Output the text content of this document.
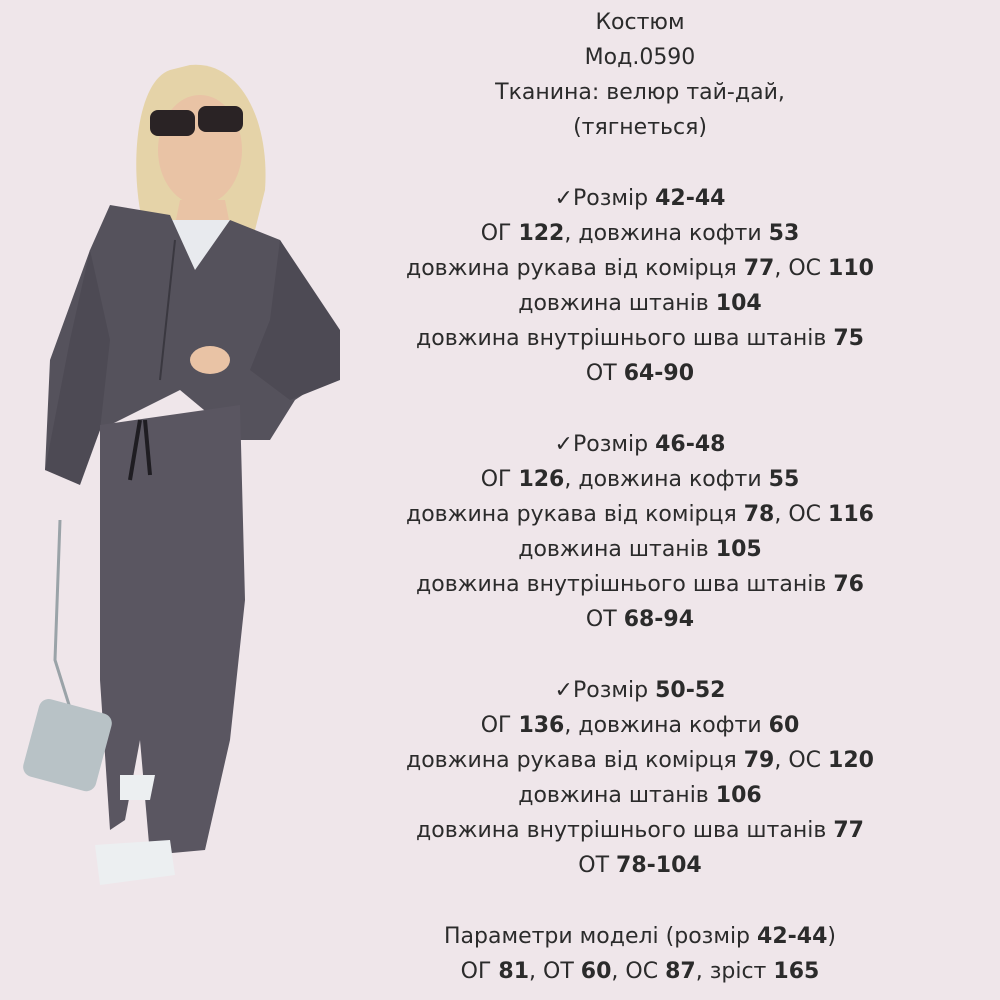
Костюм
Мод.0590
Тканина: велюр тай-дай,
(тягнеться)
✓Розмір 42-44
ОГ 122, довжина кофти 53
довжина рукава від комірця 77, ОС 110
довжина штанів 104
довжина внутрішнього шва штанів 75
ОТ 64-90
✓Розмір 46-48
ОГ 126, довжина кофти 55
довжина рукава від комірця 78, ОС 116
довжина штанів 105
довжина внутрішнього шва штанів 76
ОТ 68-94
✓Розмір 50-52
ОГ 136, довжина кофти 60
довжина рукава від комірця 79, ОС 120
довжина штанів 106
довжина внутрішнього шва штанів 77
ОТ 78-104
Параметри моделі (розмір 42-44)
ОГ 81, ОТ 60, ОС 87, зріст 165
